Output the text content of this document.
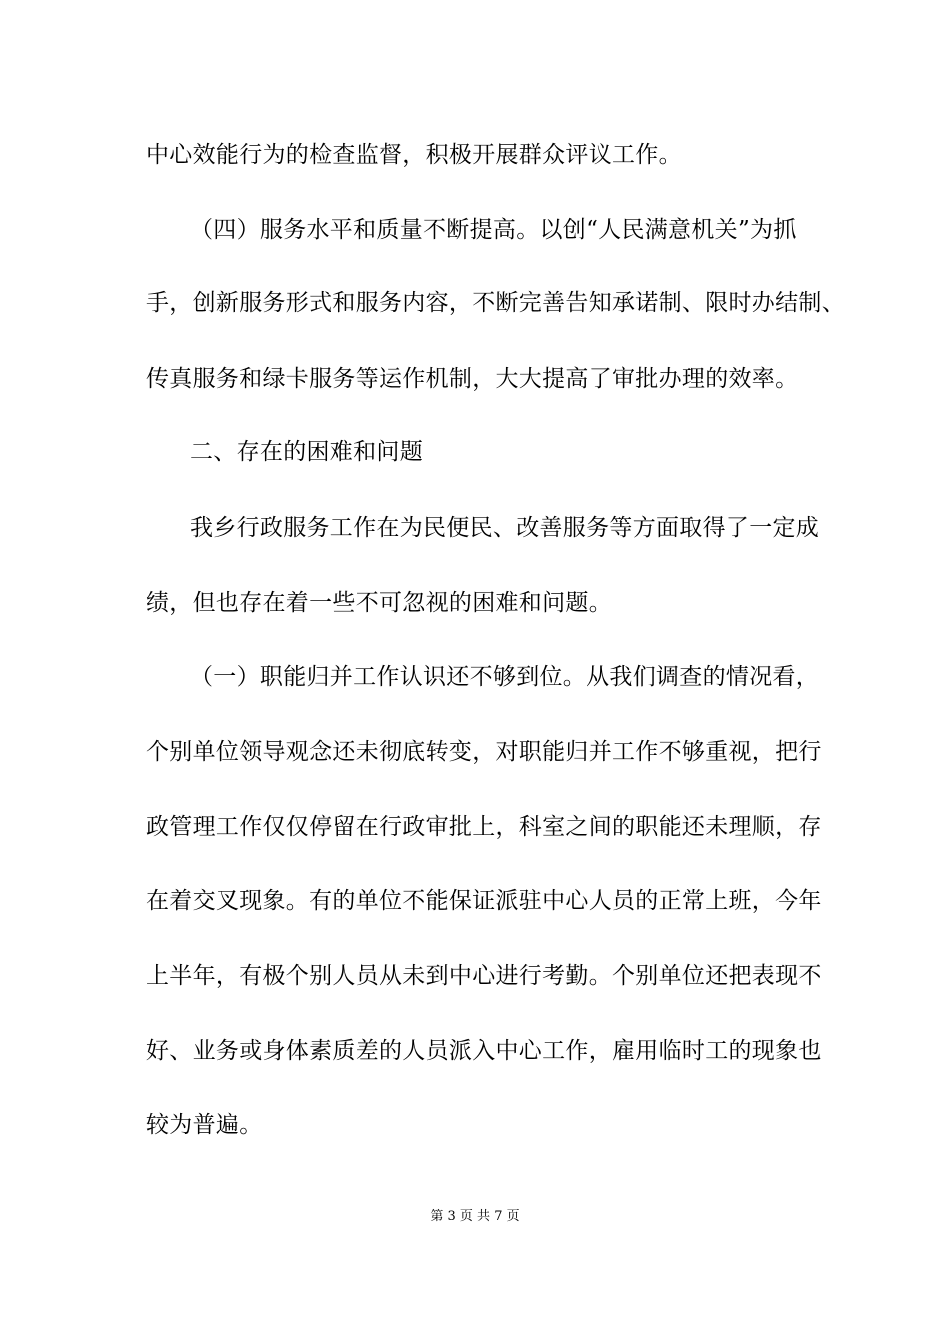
中心效能行为的检查监督，积极开展群众评议工作。
（四）服务水平和质量不断提高。以创“人民满意机关”为抓
手，创新服务形式和服务内容，不断完善告知承诺制、限时办结制、
传真服务和绿卡服务等运作机制，大大提高了审批办理的效率。
二、存在的困难和问题
我乡行政服务工作在为民便民、改善服务等方面取得了一定成
绩，但也存在着一些不可忽视的困难和问题。
（一）职能归并工作认识还不够到位。从我们调查的情况看，
个别单位领导观念还未彻底转变，对职能归并工作不够重视，把行
政管理工作仅仅停留在行政审批上，科室之间的职能还未理顺，存
在着交叉现象。有的单位不能保证派驻中心人员的正常上班，今年
上半年，有极个别人员从未到中心进行考勤。个别单位还把表现不
好、业务或身体素质差的人员派入中心工作，雇用临时工的现象也
较为普遍。
第 3 页 共 7 页
